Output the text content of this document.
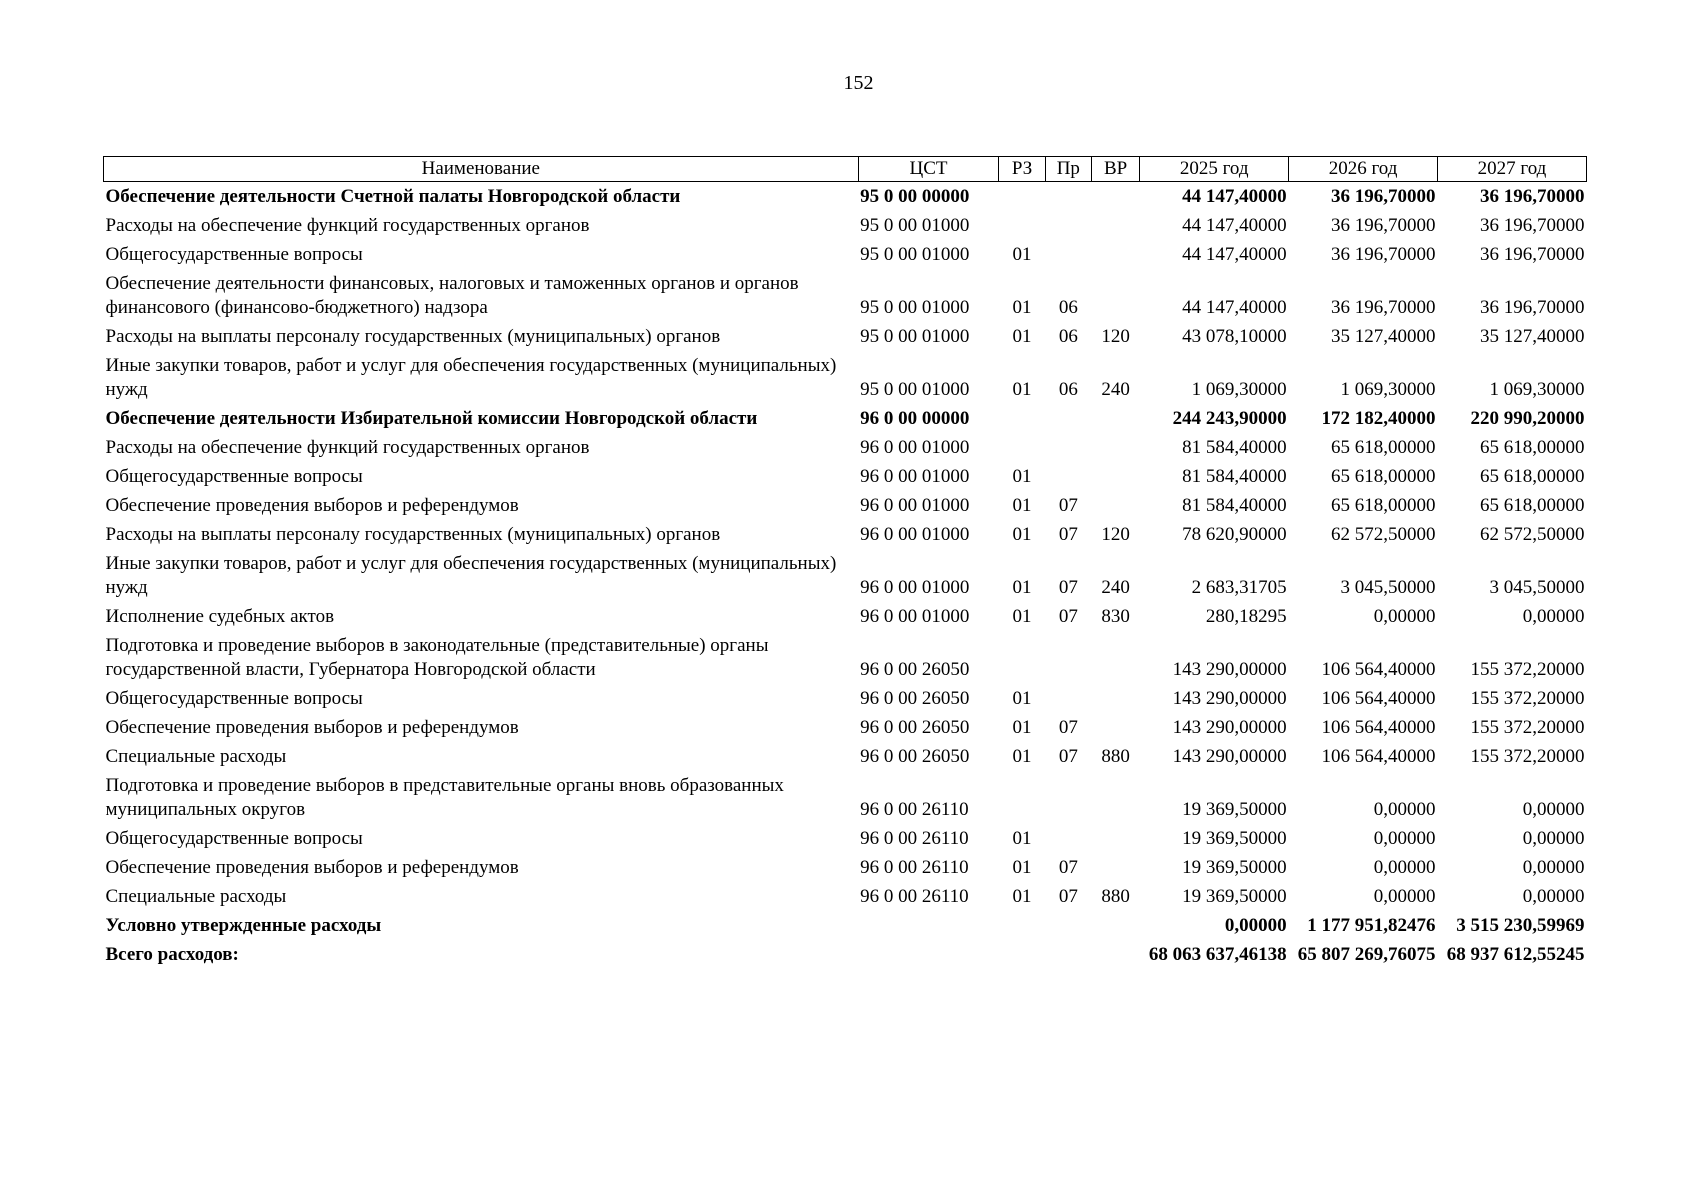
152
Наименование	ЦСТ	РЗ	Пр	ВР	2025 год	2026 год	2027 год
Обеспечение деятельности Счетной палаты Новгородской области	95 0 00 00000				44 147,40000	36 196,70000	36 196,70000
Расходы на обеспечение функций государственных органов	95 0 00 01000				44 147,40000	36 196,70000	36 196,70000
Общегосударственные вопросы	95 0 00 01000	01			44 147,40000	36 196,70000	36 196,70000
Обеспечение деятельности финансовых, налоговых и таможенных органов и органов финансового (финансово-бюджетного) надзора	95 0 00 01000	01	06		44 147,40000	36 196,70000	36 196,70000
Расходы на выплаты персоналу государственных (муниципальных) органов	95 0 00 01000	01	06	120	43 078,10000	35 127,40000	35 127,40000
Иные закупки товаров, работ и услуг для обеспечения государственных (муниципальных) нужд	95 0 00 01000	01	06	240	1 069,30000	1 069,30000	1 069,30000
Обеспечение деятельности Избирательной комиссии Новгородской области	96 0 00 00000				244 243,90000	172 182,40000	220 990,20000
Расходы на обеспечение функций государственных органов	96 0 00 01000				81 584,40000	65 618,00000	65 618,00000
Общегосударственные вопросы	96 0 00 01000	01			81 584,40000	65 618,00000	65 618,00000
Обеспечение проведения выборов и референдумов	96 0 00 01000	01	07		81 584,40000	65 618,00000	65 618,00000
Расходы на выплаты персоналу государственных (муниципальных) органов	96 0 00 01000	01	07	120	78 620,90000	62 572,50000	62 572,50000
Иные закупки товаров, работ и услуг для обеспечения государственных (муниципальных) нужд	96 0 00 01000	01	07	240	2 683,31705	3 045,50000	3 045,50000
Исполнение судебных актов	96 0 00 01000	01	07	830	280,18295	0,00000	0,00000
Подготовка и проведение выборов в законодательные (представительные) органы государственной власти, Губернатора Новгородской области	96 0 00 26050				143 290,00000	106 564,40000	155 372,20000
Общегосударственные вопросы	96 0 00 26050	01			143 290,00000	106 564,40000	155 372,20000
Обеспечение проведения выборов и референдумов	96 0 00 26050	01	07		143 290,00000	106 564,40000	155 372,20000
Специальные расходы	96 0 00 26050	01	07	880	143 290,00000	106 564,40000	155 372,20000
Подготовка и проведение выборов в представительные органы вновь образованных муниципальных округов	96 0 00 26110				19 369,50000	0,00000	0,00000
Общегосударственные вопросы	96 0 00 26110	01			19 369,50000	0,00000	0,00000
Обеспечение проведения выборов и референдумов	96 0 00 26110	01	07		19 369,50000	0,00000	0,00000
Специальные расходы	96 0 00 26110	01	07	880	19 369,50000	0,00000	0,00000
Условно утвержденные расходы					0,00000	1 177 951,82476	3 515 230,59969
Всего расходов:					68 063 637,46138	65 807 269,76075	68 937 612,55245
